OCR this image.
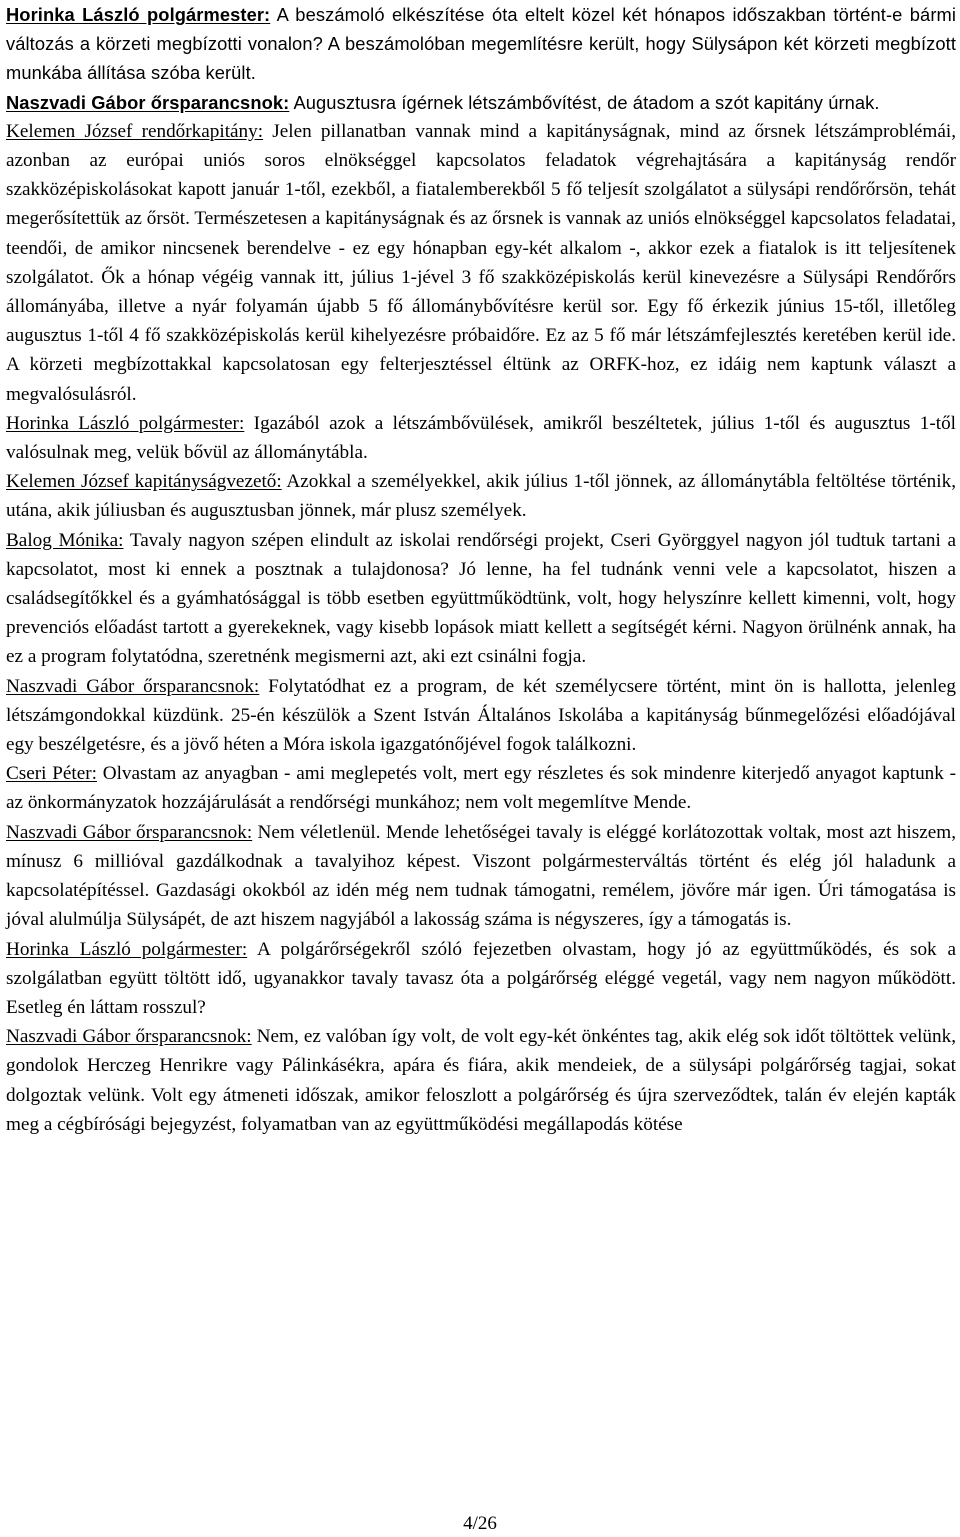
Horinka László polgármester: A beszámoló elkészítése óta eltelt közel két hónapos időszakban történt-e bármi változás a körzeti megbízotti vonalon? A beszámolóban megemlítésre került, hogy Sülysápon két körzeti megbízott munkába állítása szóba került.

Naszvadi Gábor őrsparancsnok: Augusztusra ígérnek létszámbővítést, de átadom a szót kapitány úrnak.

Kelemen József rendőrkapitány: Jelen pillanatban vannak mind a kapitányságnak, mind az őrsnek létszámproblémái, azonban az európai uniós soros elnökséggel kapcsolatos feladatok végrehajtására a kapitányság rendőr szakközépiskolásokat kapott január 1-től, ezekből, a fiatalemberekből 5 fő teljesít szolgálatot a sülysápi rendőrőrsön, tehát megerősítettük az őrsöt. Természetesen a kapitányságnak és az őrsnek is vannak az uniós elnökséggel kapcsolatos feladatai, teendői, de amikor nincsenek berendelve - ez egy hónapban egy-két alkalom -, akkor ezek a fiatalok is itt teljesítenek szolgálatot. Ők a hónap végéig vannak itt, július 1-jével 3 fő szakközépiskolás kerül kinevezésre a Sülysápi Rendőrőrs állományába, illetve a nyár folyamán újabb 5 fő állománybővítésre kerül sor. Egy fő érkezik június 15-től, illetőleg augusztus 1-től 4 fő szakközépiskolás kerül kihelyezésre próbaidőre. Ez az 5 fő már létszámfejlesztés keretében kerül ide. A körzeti megbízottakkal kapcsolatosan egy felterjesztéssel éltünk az ORFK-hoz, ez idáig nem kaptunk választ a megvalósulásról.

Horinka László polgármester: Igazából azok a létszámbővülések, amikről beszéltetek, július 1-től és augusztus 1-től valósulnak meg, velük bővül az állománytábla.

Kelemen József kapitányságvezető: Azokkal a személyekkel, akik július 1-től jönnek, az állománytábla feltöltése történik, utána, akik júliusban és augusztusban jönnek, már plusz személyek.

Balog Mónika: Tavaly nagyon szépen elindult az iskolai rendőrségi projekt, Cseri Györggyel nagyon jól tudtuk tartani a kapcsolatot, most ki ennek a posztnak a tulajdonosa? Jó lenne, ha fel tudnánk venni vele a kapcsolatot, hiszen a családsegítőkkel és a gyámhatósággal is több esetben együttműködtünk, volt, hogy helyszínre kellett kimenni, volt, hogy prevenciós előadást tartott a gyerekeknek, vagy kisebb lopások miatt kellett a segítségét kérni. Nagyon örülnénk annak, ha ez a program folytatódna, szeretnénk megismerni azt, aki ezt csinálni fogja.

Naszvadi Gábor őrsparancsnok: Folytatódhat ez a program, de két személycsere történt, mint ön is hallotta, jelenleg létszámgondokkal küzdünk. 25-én készülök a Szent István Általános Iskolába a kapitányság bűnmegelőzési előadójával egy beszélgetésre, és a jövő héten a Móra iskola igazgatónőjével fogok találkozni.

Cseri Péter: Olvastam az anyagban - ami meglepetés volt, mert egy részletes és sok mindenre kiterjedő anyagot kaptunk - az önkormányzatok hozzájárulását a rendőrségi munkához; nem volt megemlítve Mende.

Naszvadi Gábor őrsparancsnok: Nem véletlenül. Mende lehetőségei tavaly is eléggé korlátozottak voltak, most azt hiszem, mínusz 6 millióval gazdálkodnak a tavalyihoz képest. Viszont polgármesterváltás történt és elég jól haladunk a kapcsolatépítéssel. Gazdasági okokból az idén még nem tudnak támogatni, remélem, jövőre már igen. Úri támogatása is jóval alulmúlja Sülysápét, de azt hiszem nagyjából a lakosság száma is négyszeres, így a támogatás is.

Horinka László polgármester: A polgárőrségekről szóló fejezetben olvastam, hogy jó az együttműködés, és sok a szolgálatban együtt töltött idő, ugyanakkor tavaly tavasz óta a polgárőrség eléggé vegetál, vagy nem nagyon működött. Esetleg én láttam rosszul?

Naszvadi Gábor őrsparancsnok: Nem, ez valóban így volt, de volt egy-két önkéntes tag, akik elég sok időt töltöttek velünk, gondolok Herczeg Henrikre vagy Pálinkásékra, apára és fiára, akik mendeiek, de a sülysápi polgárőrség tagjai, sokat dolgoztak velünk. Volt egy átmeneti időszak, amikor feloszlott a polgárőrség és újra szerveződtek, talán év elején kapták meg a cégbírósági bejegyzést, folyamatban van az együttműködési megállapodás kötése

4/26
